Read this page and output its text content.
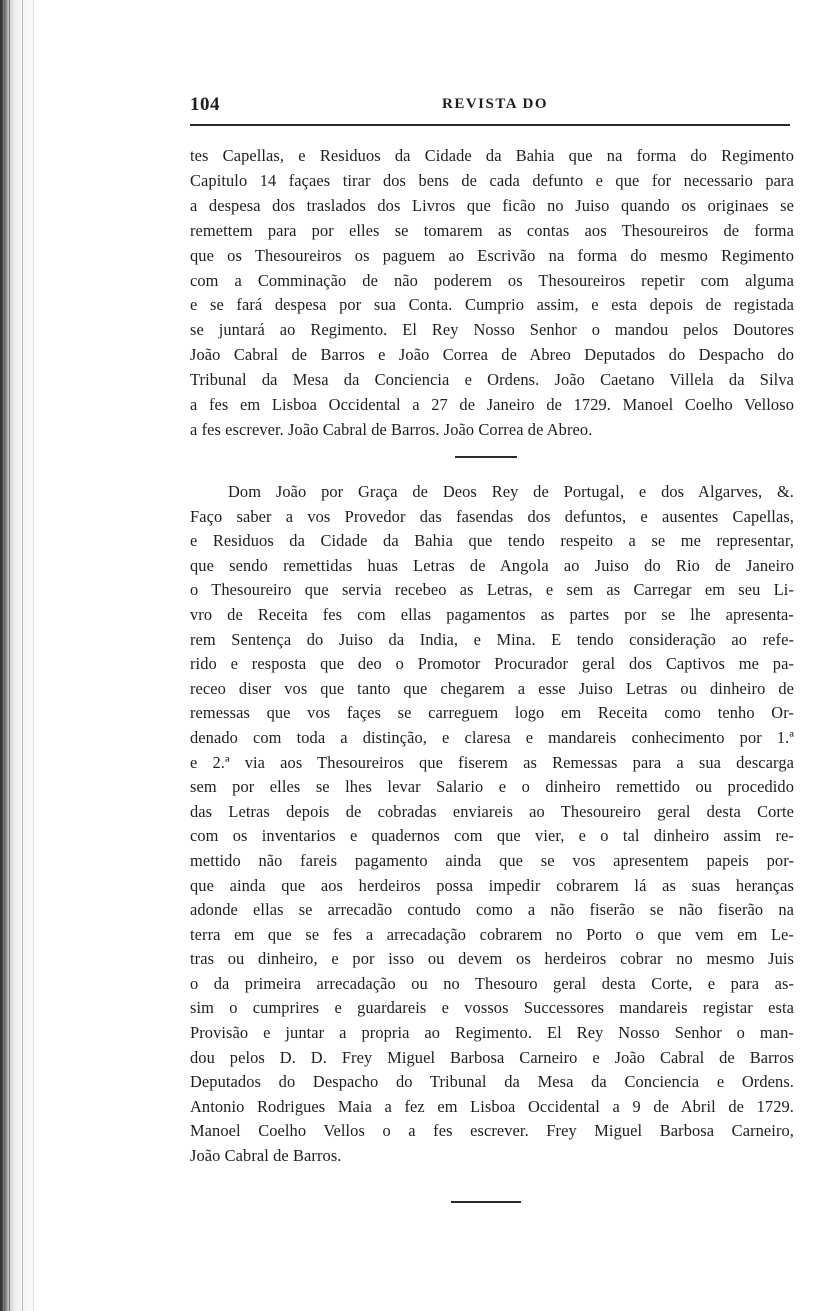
104	REVISTA DO
tes Capellas, e Residuos da Cidade da Bahia que na forma do Regimento
Capitulo 14 façaes tirar dos bens de cada defunto e que for necessario para
a despesa dos traslados dos Livros que ficão no Juiso quando os originaes se
remettem para por elles se tomarem as contas aos Thesoureiros de forma
que os Thesoureiros os paguem ao Escrivão na forma do mesmo Regimento
com a Comminação de não poderem os Thesoureiros repetir com alguma
e se fará despesa por sua Conta. Cumprio assim, e esta depois de registada
se juntará ao Regimento. El Rey Nosso Senhor o mandou pelos Doutores
João Cabral de Barros e João Correa de Abreo Deputados do Despacho do
Tribunal da Mesa da Conciencia e Ordens. João Caetano Villela da Silva
a fes em Lisboa Occidental a 27 de Janeiro de 1729. Manoel Coelho Velloso
a fes escrever. João Cabral de Barros. João Correa de Abreo.
Dom João por Graça de Deos Rey de Portugal, e dos Algarves, &.
Faço saber a vos Provedor das fasendas dos defuntos, e ausentes Capellas,
e Residuos da Cidade da Bahia que tendo respeito a se me representar,
que sendo remettidas huas Letras de Angola ao Juiso do Rio de Janeiro
o Thesoureiro que servia recebeo as Letras, e sem as Carregar em seu Li-
vro de Receita fes com ellas pagamentos as partes por se lhe apresenta-
rem Sentença do Juiso da India, e Mina. E tendo consideração ao refe-
rido e resposta que deo o Promotor Procurador geral dos Captivos me pa-
receo diser vos que tanto que chegarem a esse Juiso Letras ou dinheiro de
remessas que vos façes se carreguem logo em Receita como tenho Or-
denado com toda a distinção, e claresa e mandareis conhecimento por 1.ª
e 2.ª via aos Thesoureiros que fiserem as Remessas para a sua descarga
sem por elles se lhes levar Salario e o dinheiro remettido ou procedido
das Letras depois de cobradas enviareis ao Thesoureiro geral desta Corte
com os inventarios e quadernos com que vier, e o tal dinheiro assim re-
mettido não fareis pagamento ainda que se vos apresentem papeis por-
que ainda que aos herdeiros possa impedir cobrarem lá as suas heranças
adonde ellas se arrecadão contudo como a não fiserão se não fiserão na
terra em que se fes a arrecadação cobrarem no Porto o que vem em Le-
tras ou dinheiro, e por isso ou devem os herdeiros cobrar no mesmo Juis
o da primeira arrecadação ou no Thesouro geral desta Corte, e para as-
sim o cumprires e guardareis e vossos Successores mandareis registar esta
Provisão e juntar a propria ao Regimento. El Rey Nosso Senhor o man-
dou pelos D. D. Frey Miguel Barbosa Carneiro e João Cabral de Barros
Deputados do Despacho do Tribunal da Mesa da Conciencia e Ordens.
Antonio Rodrigues Maia a fez em Lisboa Occidental a 9 de Abril de 1729.
Manoel Coelho Vellos o a fes escrever. Frey Miguel Barbosa Carneiro,
João Cabral de Barros.
